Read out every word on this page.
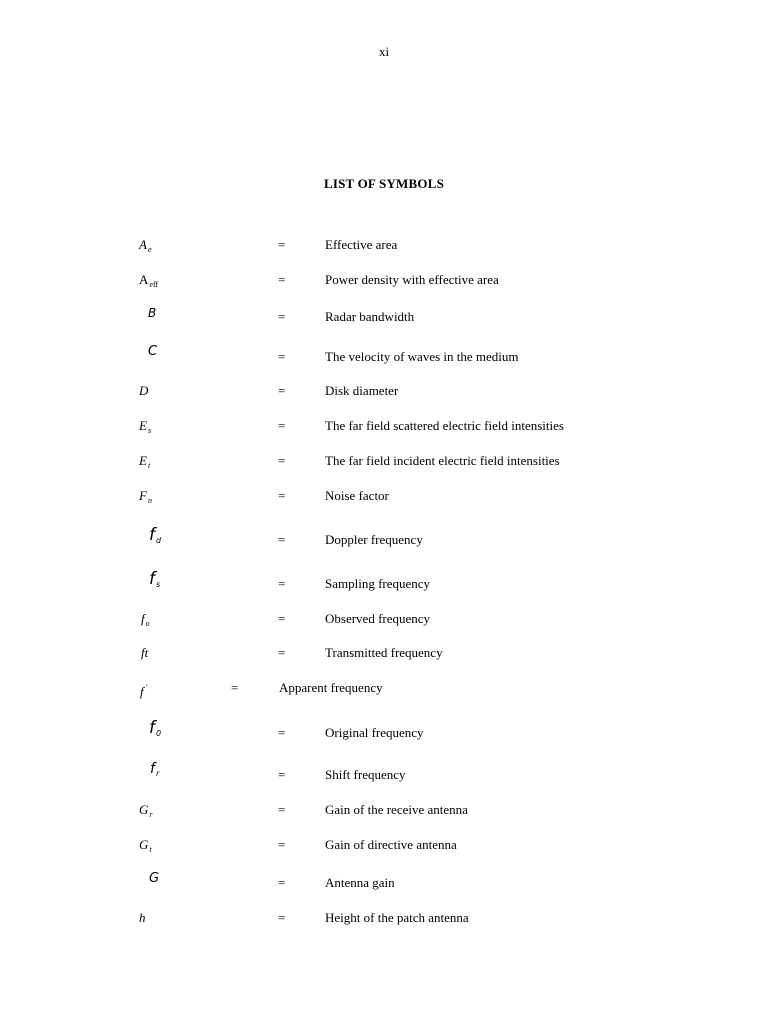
xi
LIST OF SYMBOLS
$A_e$	=	Effective area
$A_{eff}$	=	Power density with effective area
B	=	Radar bandwidth
C	=	The velocity of waves in the medium
D	=	Disk diameter
$E_s$	=	The far field scattered electric field intensities
$E_t$	=	The far field incident electric field intensities
$F_n$	=	Noise factor
$f_d$	=	Doppler frequency
$f_s$	=	Sampling frequency
$f_o$	=	Observed frequency
ft	=	Transmitted frequency
f '	=	Apparent frequency
$f_0$	=	Original frequency
$f_r$	=	Shift frequency
$G_r$	=	Gain of the receive antenna
$G_t$	=	Gain of directive antenna
G	=	Antenna gain
h	=	Height of the patch antenna
